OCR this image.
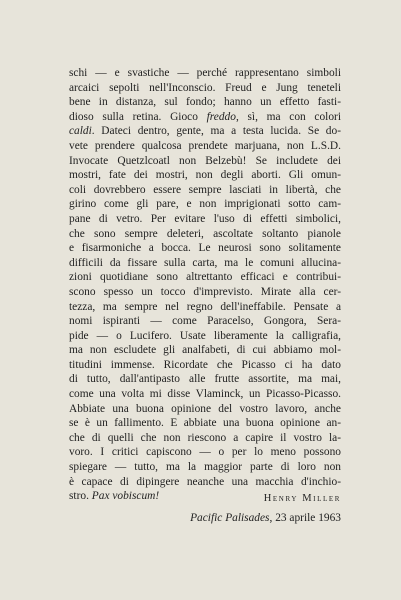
schi — e svastiche — perché rappresentano simboli
arcaici sepolti nell'Inconscio. Freud e Jung teneteli
bene in distanza, sul fondo; hanno un effetto fasti-
dioso sulla retina. Gioco freddo, sì, ma con colori
caldi. Dateci dentro, gente, ma a testa lucida. Se do-
vete prendere qualcosa prendete marjuana, non L.S.D.
Invocate Quetzlcoatl non Belzebù! Se includete dei
mostri, fate dei mostri, non degli aborti. Gli omun-
coli dovrebbero essere sempre lasciati in libertà, che
girino come gli pare, e non imprigionati sotto cam-
pane di vetro. Per evitare l'uso di effetti simbolici,
che sono sempre deleteri, ascoltate soltanto pianole
e fisarmoniche a bocca. Le neurosi sono solitamente
difficili da fissare sulla carta, ma le comuni allucina-
zioni quotidiane sono altrettanto efficaci e contribui-
scono spesso un tocco d'imprevisto. Mirate alla cer-
tezza, ma sempre nel regno dell'ineffabile. Pensate a
nomi ispiranti — come Paracelso, Gongora, Sera-
pide — o Lucifero. Usate liberamente la calligrafia,
ma non escludete gli analfabeti, di cui abbiamo mol-
titudini immense. Ricordate che Picasso ci ha dato
di tutto, dall'antipasto alle frutte assortite, ma mai,
come una volta mi disse Vlaminck, un Picasso-Picasso.
Abbiate una buona opinione del vostro lavoro, anche
se è un fallimento. E abbiate una buona opinione an-
che di quelli che non riescono a capire il vostro la-
voro. I critici capiscono — o per lo meno possono
spiegare — tutto, ma la maggior parte di loro non
è capace di dipingere neanche una macchia d'inchio-
stro. Pax vobiscum!	Henry Miller
Pacific Palisades, 23 aprile 1963
